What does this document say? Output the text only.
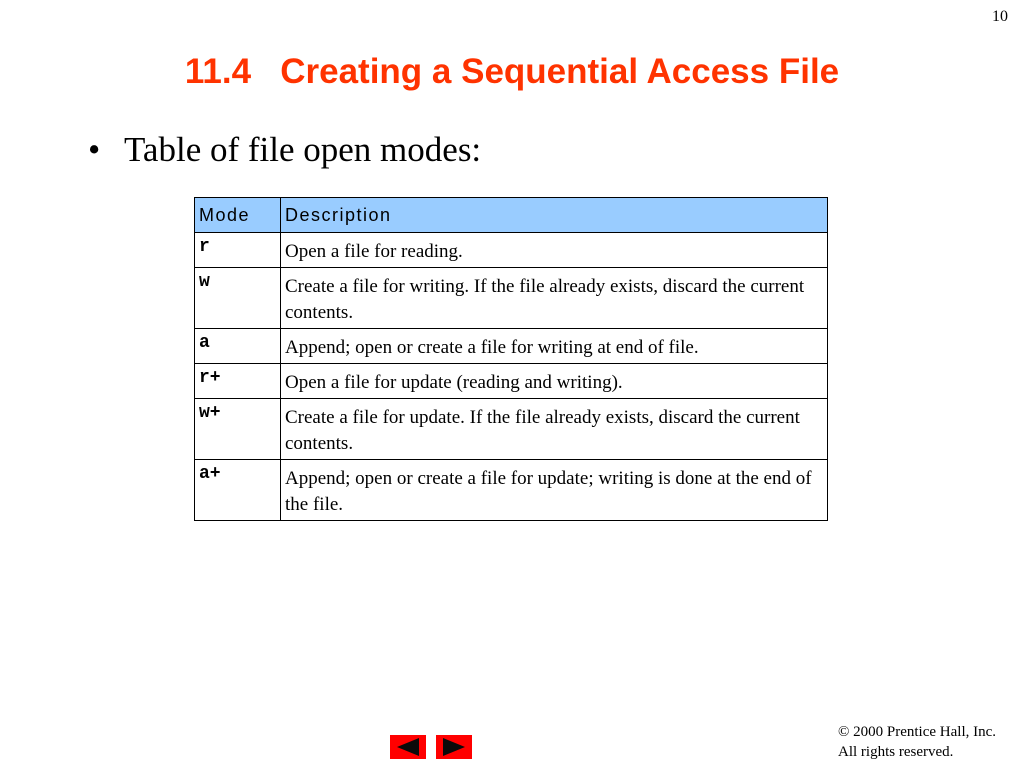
10
11.4   Creating a Sequential Access File
• Table of file open modes:
Mode	Description
r	Open a file for reading.
w	Create a file for writing. If the file already exists, discard the current contents.
a	Append; open or create a file for writing at end of file.
r+	Open a file for update (reading and writing).
w+	Create a file for update. If the file already exists, discard the current contents.
a+	Append; open or create a file for update; writing is done at the end of the file.
© 2000 Prentice Hall, Inc.
All rights reserved.
